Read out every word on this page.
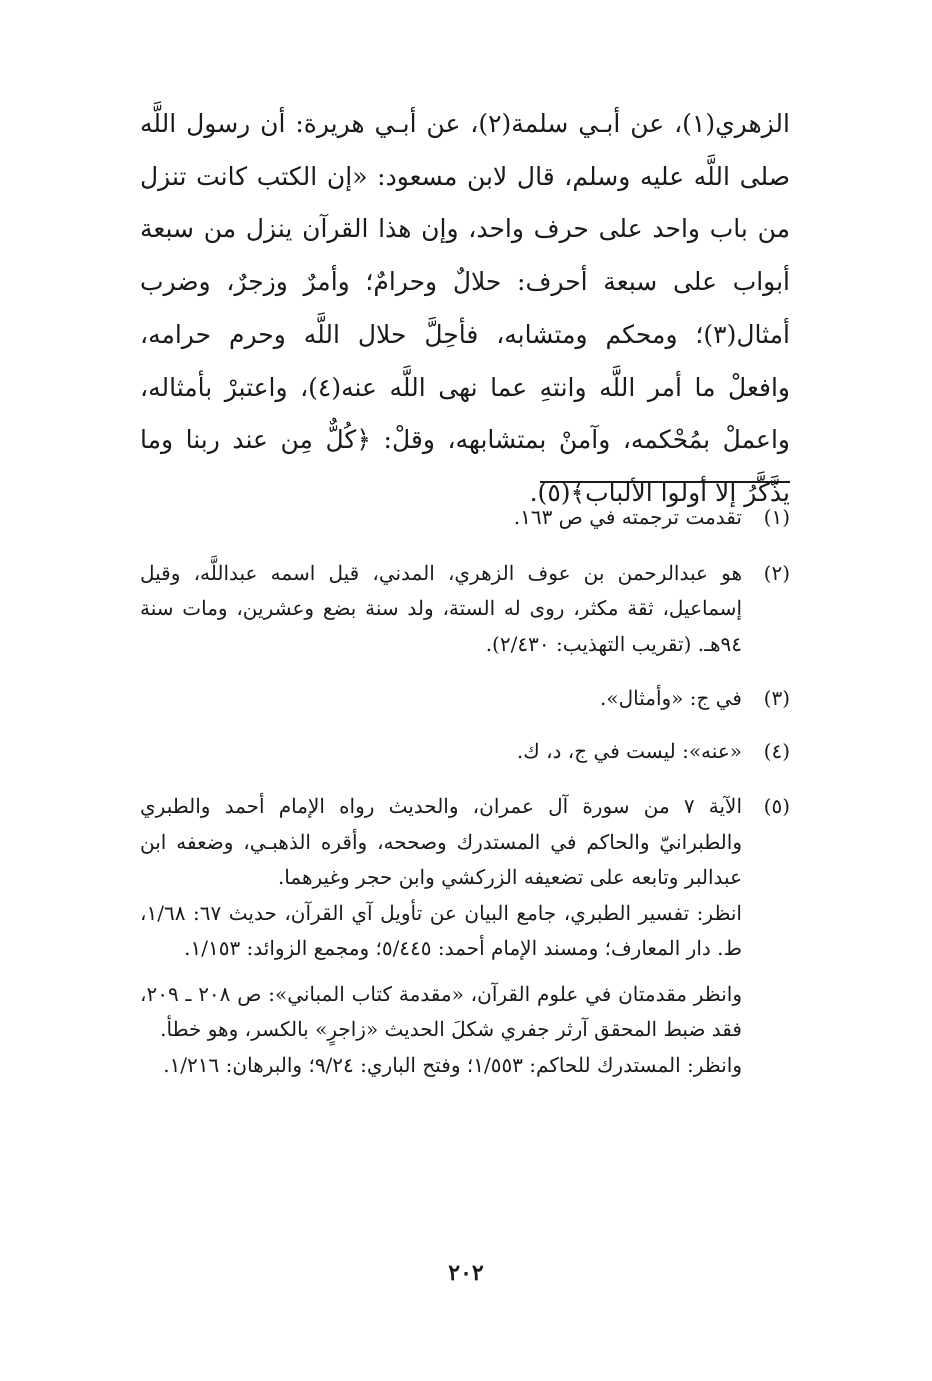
الزهري(١)، عن أبـي سلمة(٢)، عن أبـي هريرة: أن رسول اللَّه صلى اللَّه عليه وسلم، قال لابن مسعود: «إن الكتب كانت تنزل من باب واحد على حرف واحد، وإن هذا القرآن ينزل من سبعة أبواب على سبعة أحرف: حلالٌ وحرامٌ؛ وأمرٌ وزجرٌ، وضرب أمثال(٣)؛ ومحكم ومتشابه، فأحِلَّ حلال اللَّه وحرم حرامه، وافعلْ ما أمر اللَّه وانتهِ عما نهى اللَّه عنه(٤)، واعتبرْ بأمثاله، واعملْ بمُحْكمه، وآمنْ بمتشابهه، وقلْ: ﴿كُلٌّ مِن عند ربنا وما يذَّكَّرُ إلا أولوا الألباب﴾(٥).

(١)

تقدمت ترجمته في ص ١٦٣.

(٢)

هو عبدالرحمن بن عوف الزهري، المدني، قيل اسمه عبداللَّه، وقيل إسماعيل، ثقة مكثر، روى له الستة، ولد سنة بضع وعشرين، ومات سنة ٩٤هـ. (تقريب التهذيب: ٢/٤٣٠).

(٣)

في ج: «وأمثال».

(٤)

«عنه»: ليست في ج، د، ك.

(٥)

الآية ٧ من سورة آل عمران، والحديث رواه الإمام أحمد والطبري والطبرانيّ والحاكم في المستدرك وصححه، وأقره الذهبـي، وضعفه ابن عبدالبر وتابعه على تضعيفه الزركشي وابن حجر وغيرهما.

انظر: تفسير الطبري، جامع البيان عن تأويل آي القرآن، حديث ٦٧: ١/٦٨، ط. دار المعارف؛ ومسند الإمام أحمد: ٥/٤٤٥؛ ومجمع الزوائد: ١/١٥٣.

وانظر مقدمتان في علوم القرآن، «مقدمة كتاب المباني»: ص ٢٠٨ ـ ٢٠٩، فقد ضبط المحقق آرثر جفري شكلَ الحديث «زاجرٍ» بالكسر، وهو خطأ.

وانظر: المستدرك للحاكم: ١/٥٥٣؛ وفتح الباري: ٩/٢٤؛ والبرهان: ١/٢١٦.

٢٠٢
